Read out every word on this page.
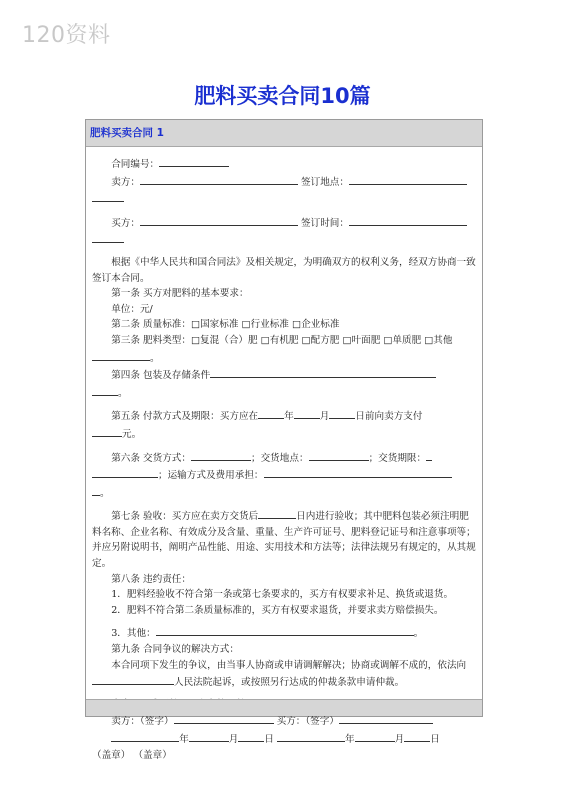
120资料
肥料买卖合同10篇
肥料买卖合同 1

合同编号：

卖方：	签订地点：

买方：	签订时间：

根据《中华人民共和国合同法》及相关规定，为明确双方的权利义务，经双方协商一致签订本合同。

第一条 买方对肥料的基本要求：

单位：元/

第二条 质量标准：□国家标准 □行业标准 □企业标准

第三条 肥料类型：□复混（合）肥 □有机肥 □配方肥 □叶面肥 □单质肥 □其他。

第四条 包装及存储条件

。

第五条 付款方式及期限：买方应在	年	月	日前向卖方支付

元。

第六条 交货方式：	；交货地点：	；交货期限：

；运输方式及费用承担：

。

第七条 验收：买方应在卖方交货后	日内进行验收；其中肥料包装必须注明肥料名称、企业名称、有效成分及含量、重量、生产许可证号、肥料登记证号和注意事项等；并应另附说明书，阐明产品性能、用途、实用技术和方法等；法律法规另有规定的，从其规定。

第八条 违约责任：

1．肥料经验收不符合第一条或第七条要求的，买方有权要求补足、换货或退货。

2．肥料不符合第二条质量标准的，买方有权要求退货，并要求卖方赔偿损失。

3．其他：	。

第九条 合同争议的解决方式：

本合同项下发生的争议，由当事人协商或申请调解解决；协商或调解不成的，依法向人民法院起诉，或按照另行达成的仲裁条款申请仲裁。

卖方：（签字）	买方：（签字）

年	月	日	年	月	日

（盖章） （盖章）
